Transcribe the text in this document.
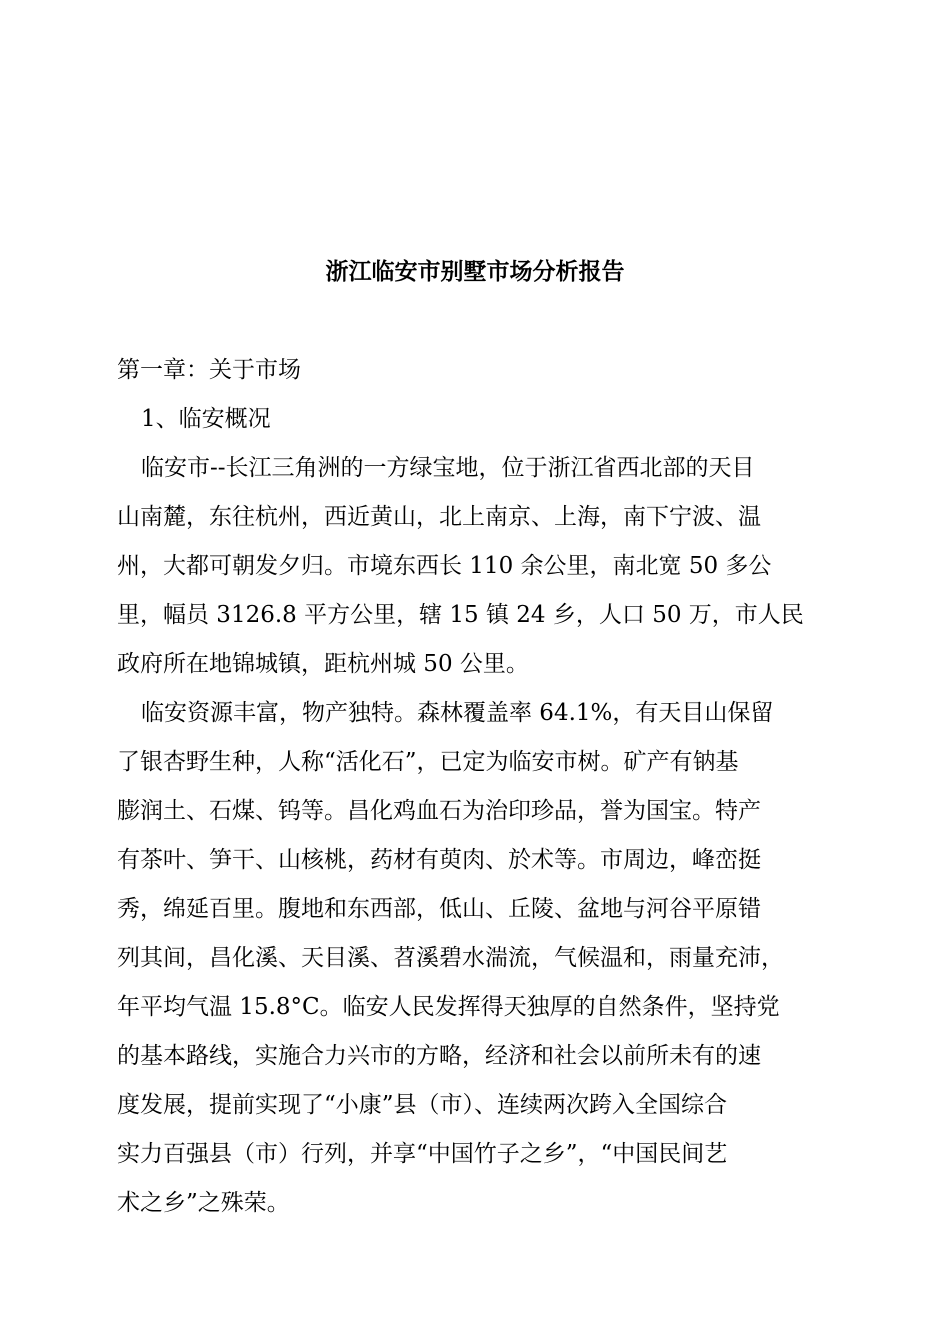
浙江临安市别墅市场分析报告
第一章：关于市场
1、临安概况
临安市--长江三角洲的一方绿宝地，位于浙江省西北部的天目
山南麓，东往杭州，西近黄山，北上南京、上海，南下宁波、温
州，大都可朝发夕归。市境东西长 110 余公里，南北宽 50 多公
里，幅员 3126.8 平方公里，辖 15 镇 24 乡，人口 50 万，市人民
政府所在地锦城镇，距杭州城 50 公里。
临安资源丰富，物产独特。森林覆盖率 64.1%，有天目山保留
了银杏野生种，人称“活化石”，已定为临安市树。矿产有钠基
膨润土、石煤、钨等。昌化鸡血石为治印珍品，誉为国宝。特产
有茶叶、笋干、山核桃，药材有萸肉、於术等。市周边，峰峦挺
秀，绵延百里。腹地和东西部，低山、丘陵、盆地与河谷平原错
列其间，昌化溪、天目溪、苕溪碧水湍流，气候温和，雨量充沛，
年平均气温 15.8°C。临安人民发挥得天独厚的自然条件，坚持党
的基本路线，实施合力兴市的方略，经济和社会以前所未有的速
度发展，提前实现了“小康”县（市）、连续两次跨入全国综合
实力百强县（市）行列，并享“中国竹子之乡”，“中国民间艺
术之乡”之殊荣。
